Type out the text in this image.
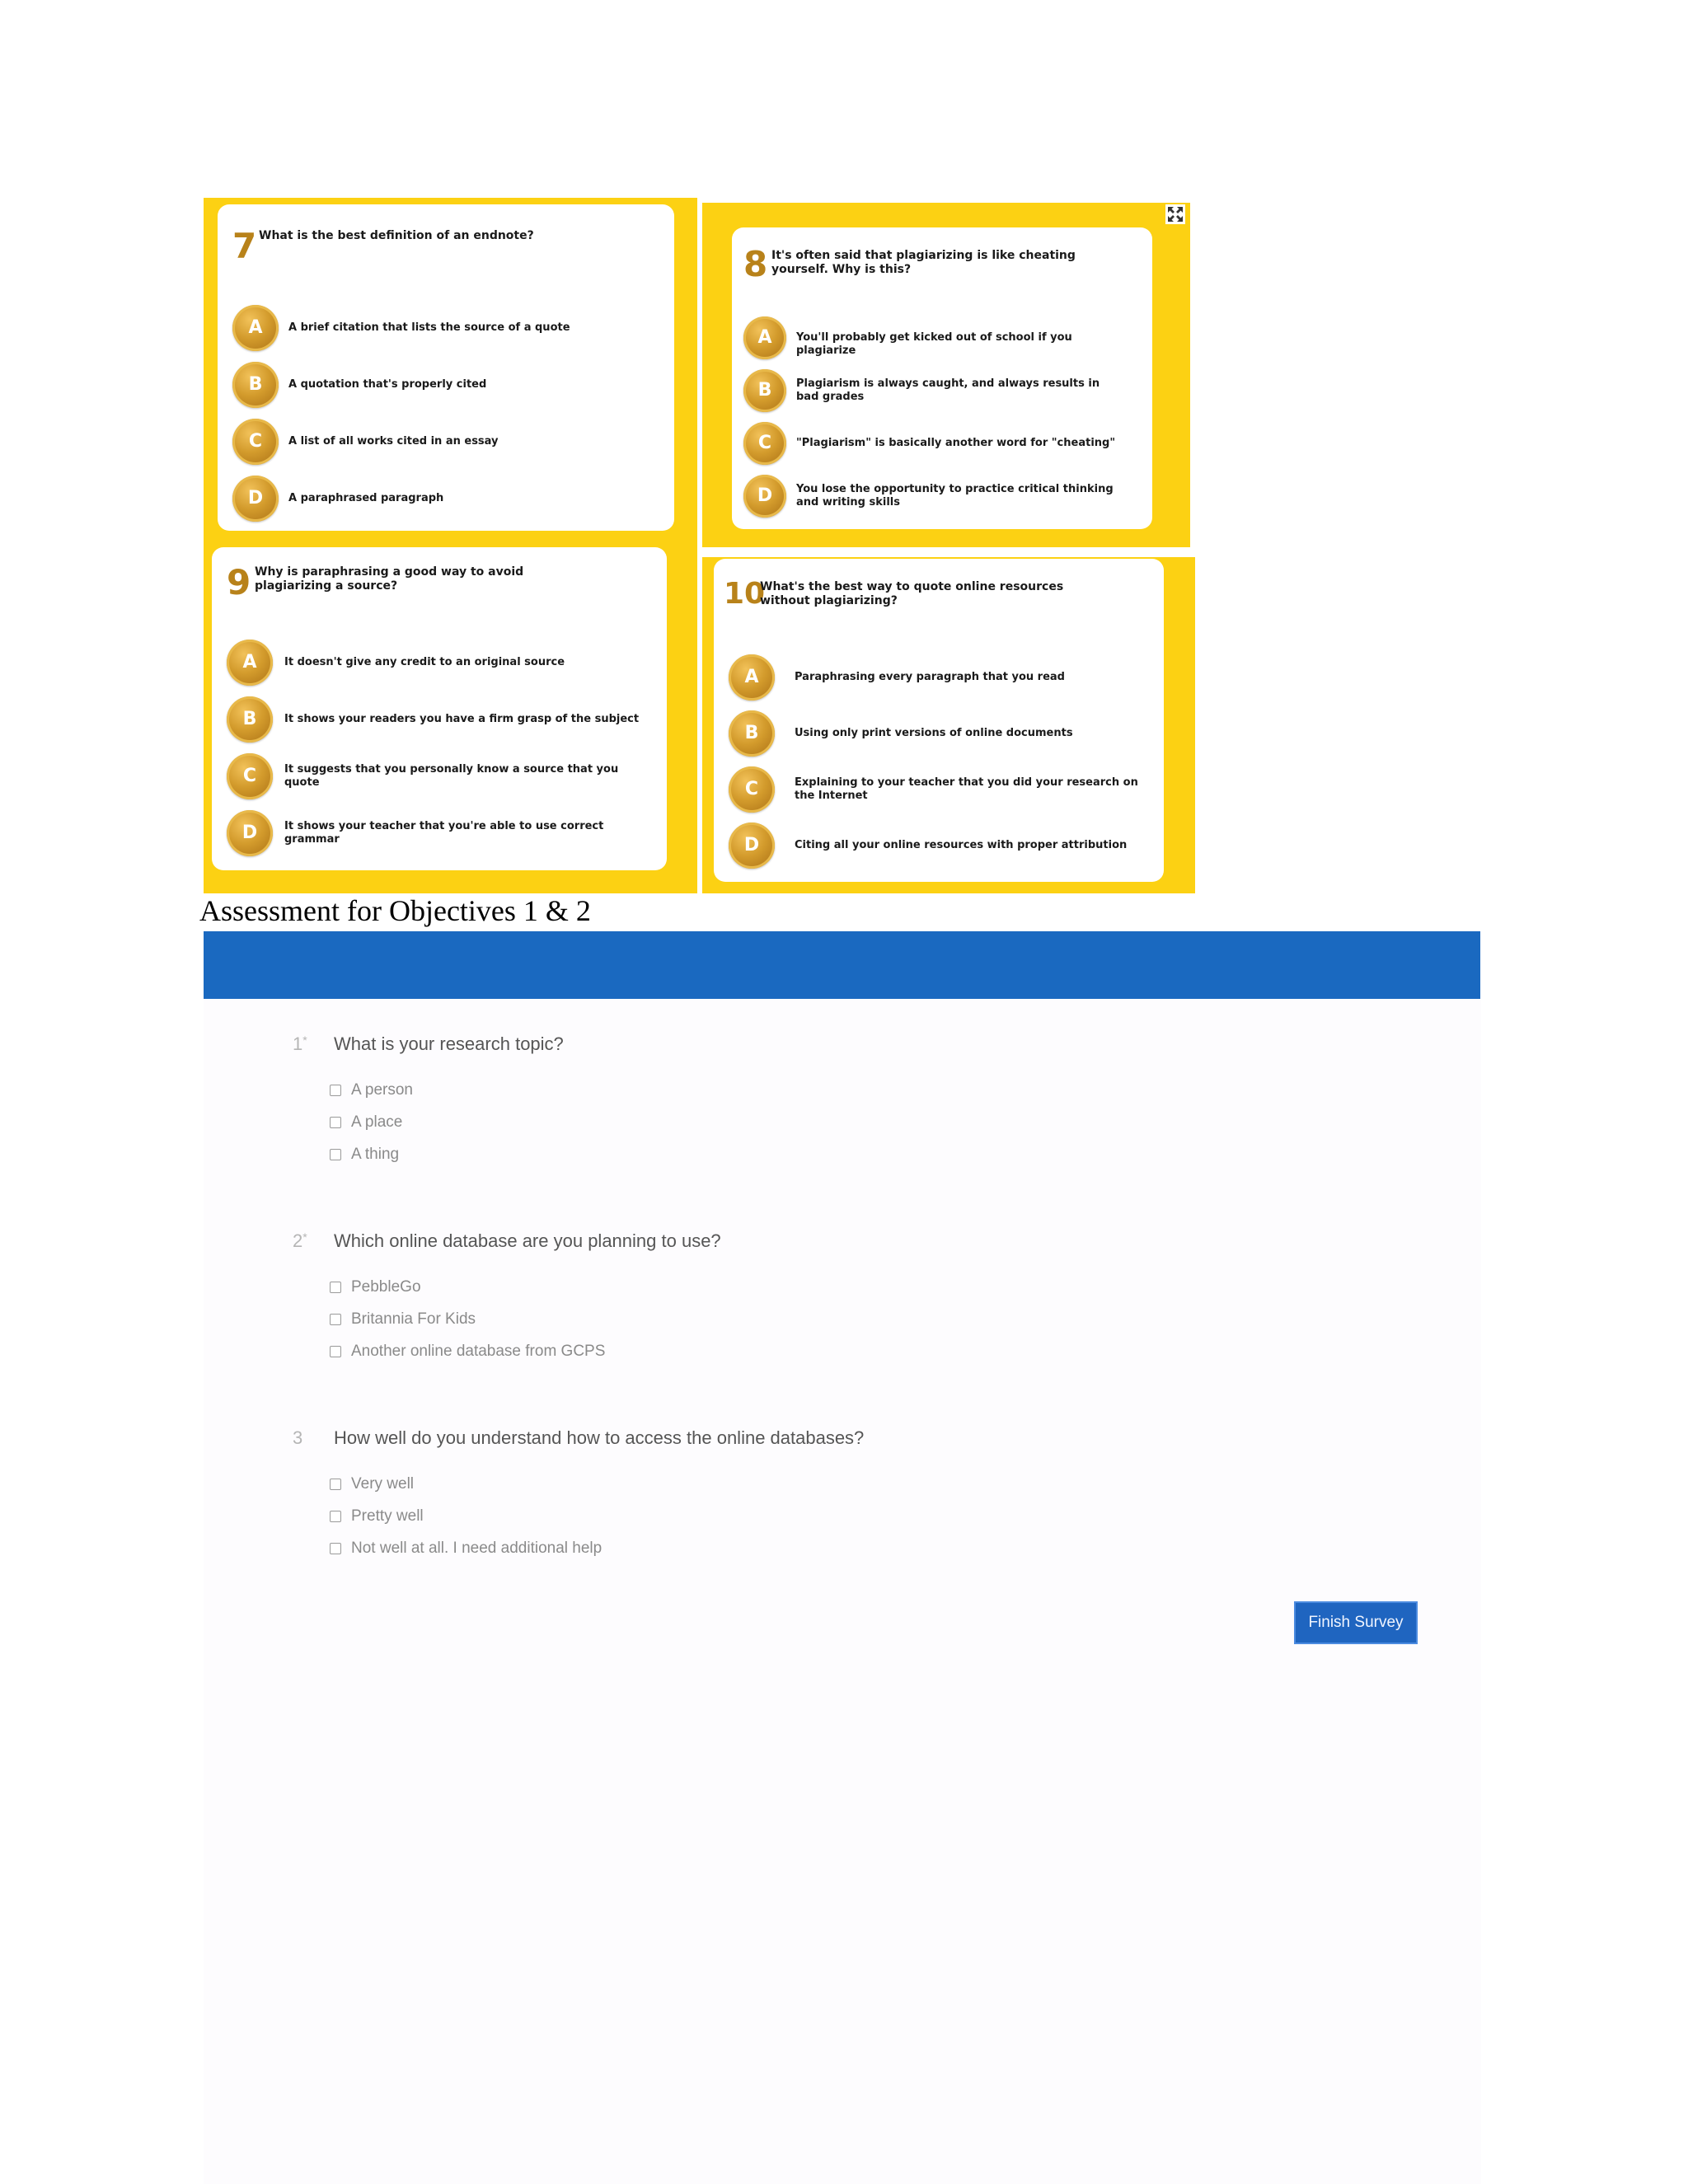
7 What is the best definition of an endnote?
A	A brief citation that lists the source of a quote
B	A quotation that's properly cited
C	A list of all works cited in an essay
D	A paraphrased paragraph
8 It's often said that plagiarizing is like cheating yourself. Why is this?
A	You'll probably get kicked out of school if you plagiarize
B	Plagiarism is always caught, and always results in bad grades
C	"Plagiarism" is basically another word for "cheating"
D	You lose the opportunity to practice critical thinking and writing skills
9 Why is paraphrasing a good way to avoid plagiarizing a source?
A	It doesn't give any credit to an original source
B	It shows your readers you have a firm grasp of the subject
C	It suggests that you personally know a source that you quote
D	It shows your teacher that you're able to use correct grammar
10
What's the best way to quote online resources without plagiarizing?
A	Paraphrasing every paragraph that you read
B	Using only print versions of online documents
C	Explaining to your teacher that you did your research on the Internet
D	Citing all your online resources with proper attribution
Assessment for Objectives 1 & 2
1* What is your research topic?
A person
A place
A thing
2* Which online database are you planning to use?
PebbleGo
Britannia For Kids
Another online database from GCPS
3 How well do you understand how to access the online databases?
Very well
Pretty well
Not well at all. I need additional help
Finish Survey
